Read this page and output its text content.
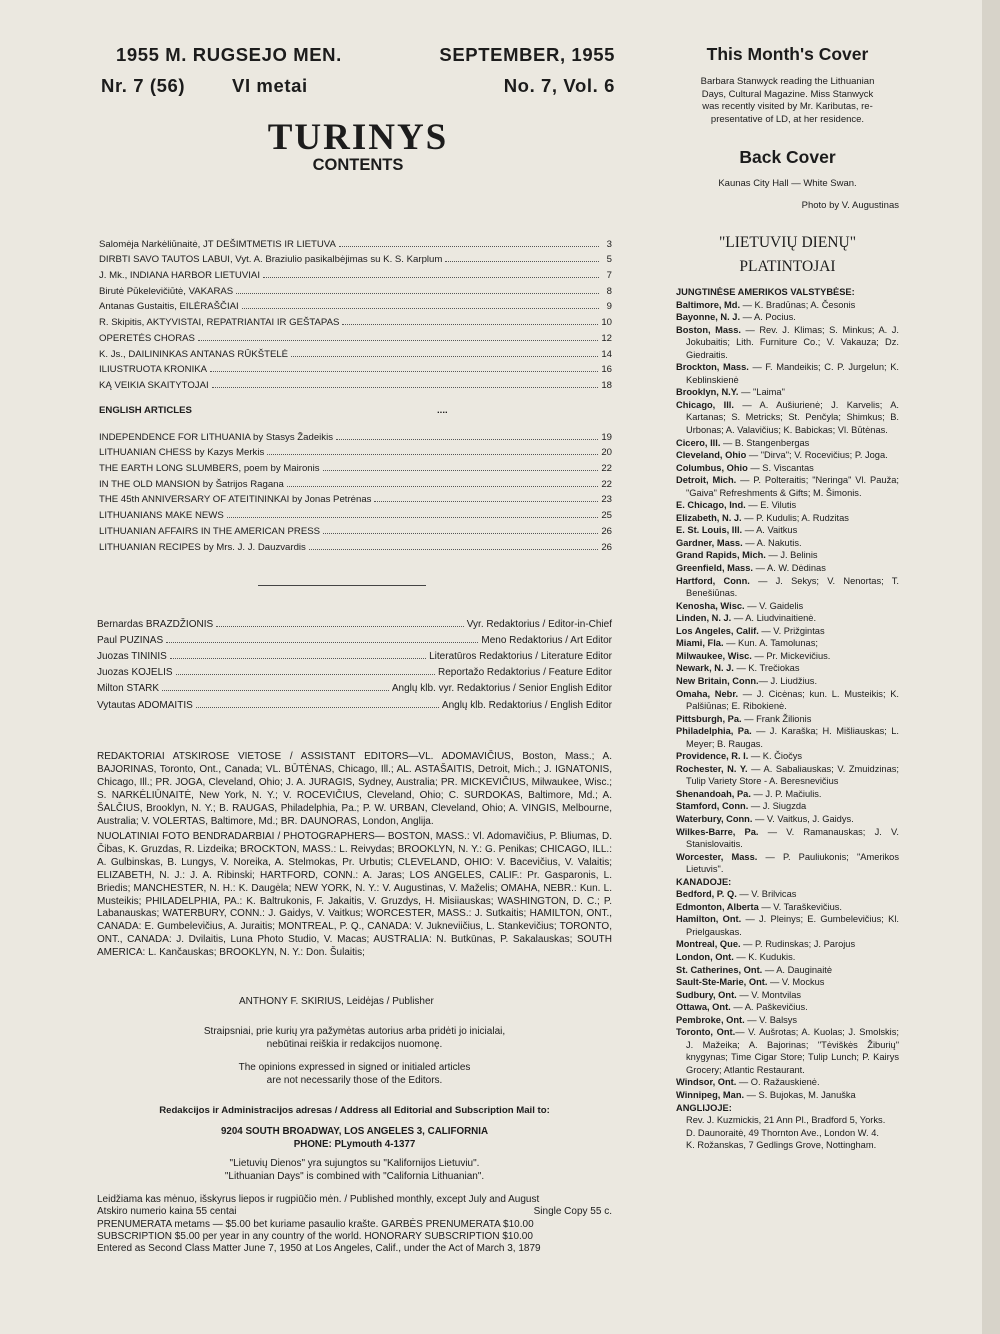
1955 M. RUGSEJO MEN.
Nr. 7 (56)	VI metai
SEPTEMBER, 1955
No. 7, Vol. 6
TURINYS
CONTENTS
Salomėja Narkėliūnaitė, JT DEŠIMTMETIS IR LIETUVA	3
DIRBTI SAVO TAUTOS LABUI, Vyt. A. Braziulio pasikalbėjimas su K. S. Karplum	5
J. Mk., INDIANA HARBOR LIETUVIAI	7
Birutė Pūkelevičiūtė, VAKARAS	8
Antanas Gustaitis, EILĖRAŠČIAI	9
R. Skipitis, AKTYVISTAI, REPATRIANTAI IR GEŠTAPAS	10
OPERETĖS CHORAS	12
K. Js., DAILININKAS ANTANAS RŪKŠTELĖ	14
ILIUSTRUOTA KRONIKA	16
KĄ VEIKIA SKAITYTOJAI	18
ENGLISH ARTICLES	....
INDEPENDENCE FOR LITHUANIA by Stasys Žadeikis	19
LITHUANIAN CHESS by Kazys Merkis	20
THE EARTH LONG SLUMBERS, poem by Maironis	22
IN THE OLD MANSION by Šatrijos Ragana	22
THE 45th ANNIVERSARY OF ATEITININKAI by Jonas Petrėnas	23
LITHUANIANS MAKE NEWS	25
LITHUANIAN AFFAIRS IN THE AMERICAN PRESS	26
LITHUANIAN RECIPES by Mrs. J. J. Dauzvardis	26
Bernardas BRAZDŽIONIS	Vyr. Redaktorius / Editor-in-Chief
Paul PUZINAS	Meno Redaktorius / Art Editor
Juozas TININIS	Literatūros Redaktorius / Literature Editor
Juozas KOJELIS	Reportažo Redaktorius / Feature Editor
Milton STARK	Anglų klb. vyr. Redaktorius / Senior English Editor
Vytautas ADOMAITIS	Anglų klb. Redaktorius / English Editor
REDAKTORIAI ATSKIROSE VIETOSE / ASSISTANT EDITORS—VL. ADOMAVIČIUS, Boston, Mass.; A. BAJORINAS, Toronto, Ont., Canada; VL. BŪTĖNAS, Chicago, Ill.; AL. ASTAŠAITIS, Detroit, Mich.; J. IGNATONIS, Chicago, Ill.; PR. JOGA, Cleveland, Ohio; J. A. JURAGIS, Sydney, Australia; PR. MICKEVIČIUS, Milwaukee, Wisc.; S. NARKĖLIŪNAITĖ, New York, N. Y.; V. ROCEVIČIUS, Cleveland, Ohio; C. SURDOKAS, Baltimore, Md.; A. ŠALČIUS, Brooklyn, N. Y.; B. RAUGAS, Philadelphia, Pa.; P. W. URBAN, Cleveland, Ohio; A. VINGIS, Melbourne, Australia; V. VOLERTAS, Baltimore, Md.; BR. DAUNORAS, London, Anglija.
NUOLATINIAI FOTO BENDRADARBIAI / PHOTOGRAPHERS— BOSTON, MASS.: Vl. Adomavičius, P. Bliumas, D. Čibas, K. Gruzdas, R. Lizdeika; BROCKTON, MASS.: L. Reivydas; BROOKLYN, N. Y.: G. Penikas; CHICAGO, ILL.: A. Gulbinskas, B. Lungys, V. Noreika, A. Stelmokas, Pr. Urbutis; CLEVELAND, OHIO: V. Bacevičius, V. Valaitis; ELIZABETH, N. J.: J. A. Ribinski; HARTFORD, CONN.: A. Jaras; LOS ANGELES, CALIF.: Pr. Gasparonis, L. Briedis; MANCHESTER, N. H.: K. Daugėla; NEW YORK, N. Y.: V. Augustinas, V. Maželis; OMAHA, NEBR.: Kun. L. Musteikis; PHILADELPHIA, PA.: K. Baltrukonis, F. Jakaitis, V. Gruzdys, H. Misiiauskas; WASHINGTON, D. C.; P. Labanauskas; WATERBURY, CONN.: J. Gaidys, V. Vaitkus; WORCESTER, MASS.: J. Sutkaitis; HAMILTON, ONT., CANADA: E. Gumbelevičius, A. Juraitis; MONTREAL, P. Q., CANADA: V. Jukneviičius, L. Stankevičius; TORONTO, ONT., CANADA: J. Dvilaitis, Luna Photo Studio, V. Macas; AUSTRALIA: N. Butkūnas, P. Sakalauskas; SOUTH AMERICA: L. Kančauskas; BROOKLYN, N. Y.: Don. Šulaitis;
ANTHONY F. SKIRIUS, Leidėjas / Publisher
Straipsniai, prie kurių yra pažymėtas autorius arba pridėti jo inicialai,
nebūtinai reiškia ir redakcijos nuomonę.
The opinions expressed in signed or initialed articles
are not necessarily those of the Editors.
Redakcijos ir Administracijos adresas / Address all Editorial and Subscription Mail to:
9204 SOUTH BROADWAY, LOS ANGELES 3, CALIFORNIA
PHONE: PLymouth 4-1377
"Lietuvių Dienos" yra sujungtos su "Kalifornijos Lietuviu".
"Lithuanian Days" is combined with "California Lithuanian".
Leidžiama kas mėnuo, išskyrus liepos ir rugpiūčio mėn. / Published monthly, except July and August
Atskiro numerio kaina 55 centai	Single Copy 55 c.
PRENUMERATA metams — $5.00 bet kuriame pasaulio krašte. GARBĖS PRENUMERATA $10.00
SUBSCRIPTION $5.00 per year in any country of the world. HONORARY SUBSCRIPTION $10.00
Entered as Second Class Matter June 7, 1950 at Los Angeles, Calif., under the Act of March 3, 1879
This Month's Cover
Barbara Stanwyck reading the Lithuanian
Days, Cultural Magazine. Miss Stanwyck
was recently visited by Mr. Kaributas, re-
presentative of LD, at her residence.
Back Cover
Kaunas City Hall — White Swan.
Photo by V. Augustinas
"LIETUVIŲ DIENŲ"
PLATINTOJAI

JUNGTINĖSE AMERIKOS VALSTYBĖSE:

Baltimore, Md. — K. Bradūnas; A. Česonis

Bayonne, N. J. — A. Pocius.

Boston, Mass. — Rev. J. Klimas; S. Minkus; A. J. Jokubaitis; Lith. Furniture Co.; V. Vakauza; Dz. Giedraitis.

Brockton, Mass. — F. Mandeikis; C. P. Jurgelun; K. Keblinskienė

Brooklyn, N.Y. — "Laima"

Chicago, Ill. — A. Aušiurienė; J. Karvelis; A. Kartanas; S. Metricks; St. Penčyla; Shimkus; B. Urbonas; A. Valavičius; K. Babickas; Vl. Būtėnas.

Cicero, Ill. — B. Stangenbergas

Cleveland, Ohio — "Dirva"; V. Rocevičius; P. Joga.

Columbus, Ohio — S. Viscantas

Detroit, Mich. — P. Polteraitis; "Neringa" Vl. Pauža; "Gaiva" Refreshments & Gifts; M. Šimonis.

E. Chicago, Ind. — E. Vilutis

Elizabeth, N. J. — P. Kudulis; A. Rudzitas

E. St. Louis, Ill. — A. Vaitkus

Gardner, Mass. — A. Nakutis.

Grand Rapids, Mich. — J. Belinis

Greenfield, Mass. — A. W. Dėdinas

Hartford, Conn. — J. Sekys; V. Nenortas; T. Benešiūnas.

Kenosha, Wisc. — V. Gaidelis

Linden, N. J. — A. Liudvinaitienė.

Los Angeles, Calif. — V. Prižgintas

Miami, Fla. — Kun. A. Tamolunas;

Milwaukee, Wisc. — Pr. Mickevičius.

Newark, N. J. — K. Trečiokas

New Britain, Conn.— J. Liudžius.

Omaha, Nebr. — J. Cicėnas; kun. L. Musteikis; K. Palšiūnas; E. Ribokienė.

Pittsburgh, Pa. — Frank Žilionis

Philadelphia, Pa. — J. Karaška; H. Mišliauskas; L. Meyer; B. Raugas.

Providence, R. I. — K. Čiočys

Rochester, N. Y. — A. Sabaliauskas; V. Zmuidzinas; Tulip Variety Store - A. Beresnevičius

Shenandoah, Pa. — J. P. Mačiulis.

Stamford, Conn. — J. Siugzda

Waterbury, Conn. — V. Vaitkus, J. Gaidys.

Wilkes-Barre, Pa. — V. Ramanauskas; J. V. Stanislovaitis.

Worcester, Mass. — P. Pauliukonis; "Amerikos Lietuvis".

KANADOJE:

Bedford, P. Q. — V. Brilvicas

Edmonton, Alberta — V. Taraškevičius.

Hamilton, Ont. — J. Pleinys; E. Gumbelevičius; Kl. Prielgauskas.

Montreal, Que. — P. Rudinskas; J. Parojus

London, Ont. — K. Kudukis.

St. Catherines, Ont. — A. Dauginaitė

Sault-Ste-Marie, Ont. — V. Mockus

Sudbury, Ont. — V. Montvilas

Ottawa, Ont. — A. Paškevičius.

Pembroke, Ont. — V. Balsys

Toronto, Ont.— V. Aušrotas; A. Kuolas; J. Smolskis; J. Mažeika; A. Bajorinas; "Tėviškės Žiburių" knygynas; Time Cigar Store; Tulip Lunch; P. Kairys Grocery; Atlantic Restaurant.

Windsor, Ont. — O. Ražauskienė.

Winnipeg, Man. — S. Bujokas, M. Januška

ANGLIJOJE:

Rev. J. Kuzmickis, 21 Ann Pl., Bradford 5, Yorks.

D. Daunoraitė, 49 Thornton Ave., London W. 4.

K. Rožanskas, 7 Gedlings Grove, Nottingham.
